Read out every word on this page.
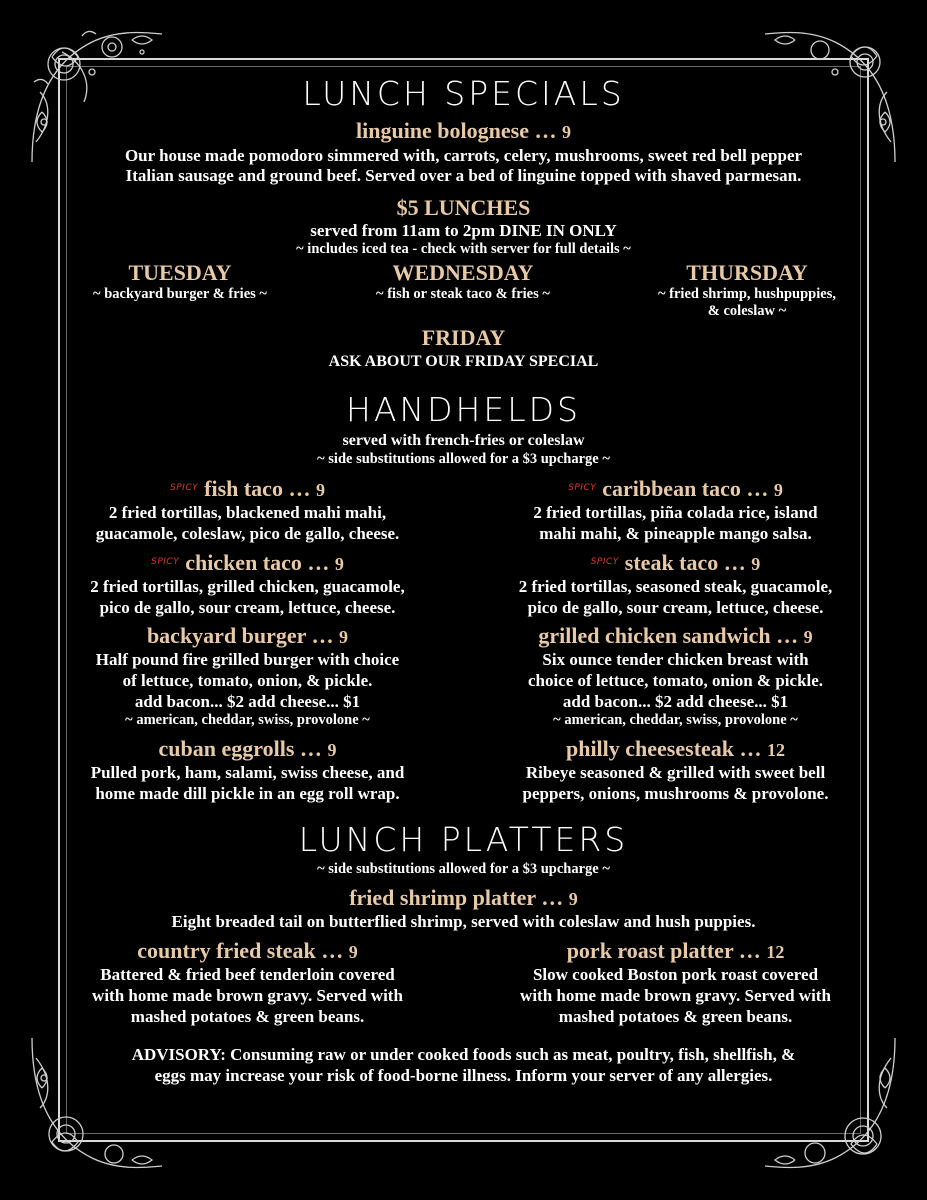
LUNCH SPECIALS
linguine bolognese … 9
Our house made pomodoro simmered with, carrots, celery, mushrooms, sweet red bell pepper
Italian sausage and ground beef. Served over a bed of linguine topped with shaved parmesan.
$5 LUNCHES
served from 11am to 2pm DINE IN ONLY
~ includes iced tea - check with server for full details ~
TUESDAY
~ backyard burger & fries ~
WEDNESDAY
~ fish or steak taco & fries ~
THURSDAY
~ fried shrimp, hushpuppies,
& coleslaw ~
FRIDAY
ASK ABOUT OUR FRIDAY SPECIAL
HANDHELDS
served with french-fries or coleslaw
~ side substitutions allowed for a $3 upcharge ~
$^{SPICY}$ fish taco … 9
2 fried tortillas, blackened mahi mahi,
guacamole, coleslaw, pico de gallo, cheese.
$^{SPICY}$ caribbean taco … 9
2 fried tortillas, piña colada rice, island
mahi mahi, & pineapple mango salsa.
$^{SPICY}$ chicken taco … 9
2 fried tortillas, grilled chicken, guacamole,
pico de gallo, sour cream, lettuce, cheese.
$^{SPICY}$ steak taco … 9
2 fried tortillas, seasoned steak, guacamole,
pico de gallo, sour cream, lettuce, cheese.
backyard burger … 9
Half pound fire grilled burger with choice
of lettuce, tomato, onion, & pickle.
add bacon... $2 add cheese... $1
~ american, cheddar, swiss, provolone ~
grilled chicken sandwich … 9
Six ounce tender chicken breast with
choice of lettuce, tomato, onion & pickle.
add bacon... $2 add cheese... $1
~ american, cheddar, swiss, provolone ~
cuban eggrolls … 9
Pulled pork, ham, salami, swiss cheese, and
home made dill pickle in an egg roll wrap.
philly cheesesteak … 12
Ribeye seasoned & grilled with sweet bell
peppers, onions, mushrooms & provolone.
LUNCH PLATTERS
~ side substitutions allowed for a $3 upcharge ~
fried shrimp platter … 9
Eight breaded tail on butterflied shrimp, served with coleslaw and hush puppies.
country fried steak … 9
Battered & fried beef tenderloin covered
with home made brown gravy. Served with
mashed potatoes & green beans.
pork roast platter … 12
Slow cooked Boston pork roast covered
with home made brown gravy. Served with
mashed potatoes & green beans.
ADVISORY: Consuming raw or under cooked foods such as meat, poultry, fish, shellfish, &
eggs may increase your risk of food-borne illness. Inform your server of any allergies.
